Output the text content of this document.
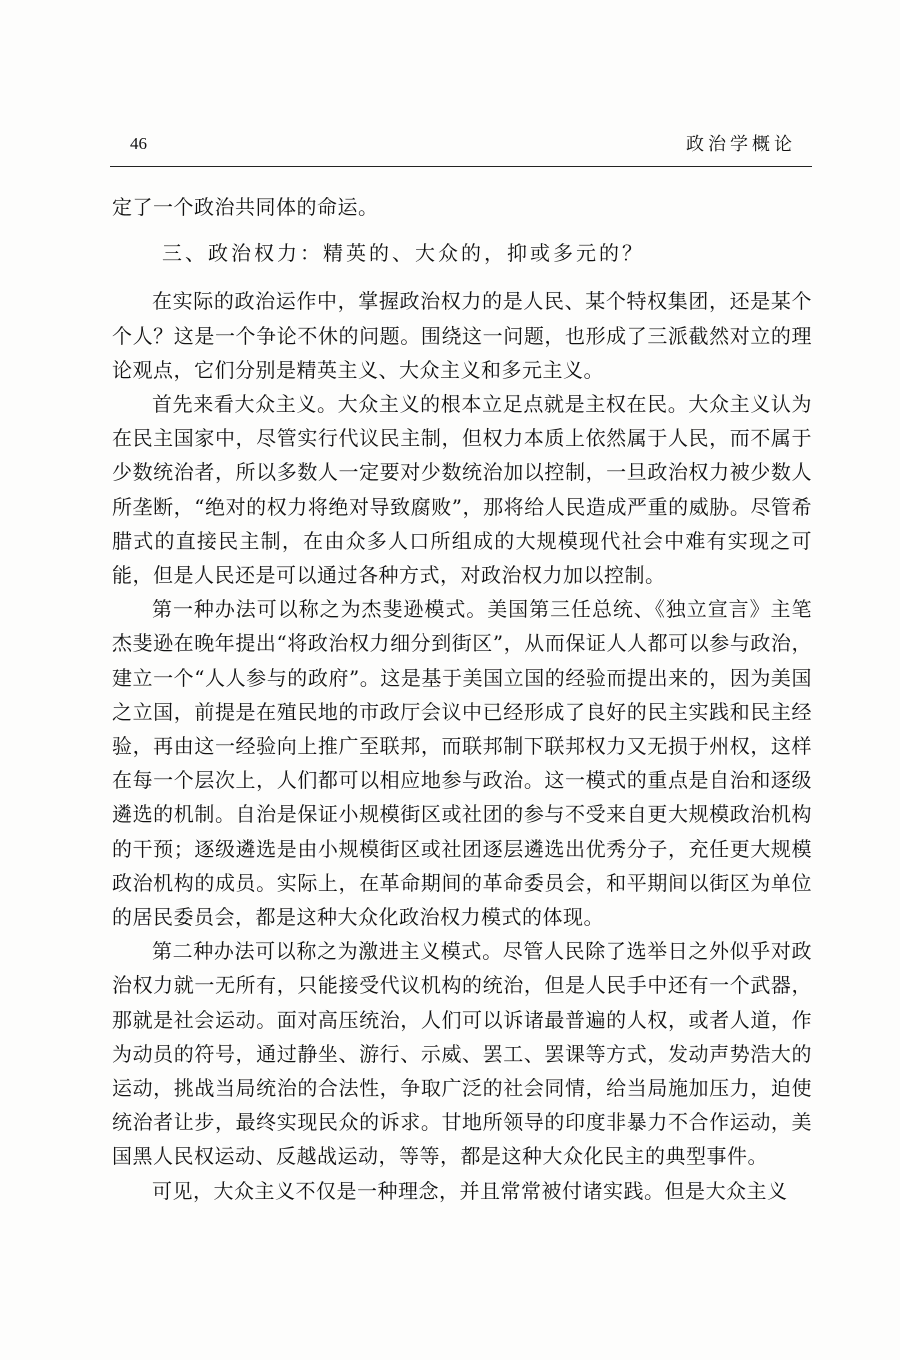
46	政治学概论

定了一个政治共同体的命运。

三、政治权力：精英的、大众的，抑或多元的？

在实际的政治运作中，掌握政治权力的是人民、某个特权集团，还是某个个人？这是一个争论不休的问题。围绕这一问题，也形成了三派截然对立的理论观点，它们分别是精英主义、大众主义和多元主义。

首先来看大众主义。大众主义的根本立足点就是主权在民。大众主义认为在民主国家中，尽管实行代议民主制，但权力本质上依然属于人民，而不属于少数统治者，所以多数人一定要对少数统治加以控制，一旦政治权力被少数人所垄断，“绝对的权力将绝对导致腐败”，那将给人民造成严重的威胁。尽管希腊式的直接民主制，在由众多人口所组成的大规模现代社会中难有实现之可能，但是人民还是可以通过各种方式，对政治权力加以控制。

第一种办法可以称之为杰斐逊模式。美国第三任总统、《独立宣言》主笔杰斐逊在晚年提出“将政治权力细分到街区”，从而保证人人都可以参与政治，建立一个“人人参与的政府”。这是基于美国立国的经验而提出来的，因为美国之立国，前提是在殖民地的市政厅会议中已经形成了良好的民主实践和民主经验，再由这一经验向上推广至联邦，而联邦制下联邦权力又无损于州权，这样在每一个层次上，人们都可以相应地参与政治。这一模式的重点是自治和逐级遴选的机制。自治是保证小规模街区或社团的参与不受来自更大规模政治机构的干预；逐级遴选是由小规模街区或社团逐层遴选出优秀分子，充任更大规模政治机构的成员。实际上，在革命期间的革命委员会，和平期间以街区为单位的居民委员会，都是这种大众化政治权力模式的体现。

第二种办法可以称之为激进主义模式。尽管人民除了选举日之外似乎对政治权力就一无所有，只能接受代议机构的统治，但是人民手中还有一个武器，那就是社会运动。面对高压统治，人们可以诉诸最普遍的人权，或者人道，作为动员的符号，通过静坐、游行、示威、罢工、罢课等方式，发动声势浩大的运动，挑战当局统治的合法性，争取广泛的社会同情，给当局施加压力，迫使统治者让步，最终实现民众的诉求。甘地所领导的印度非暴力不合作运动，美国黑人民权运动、反越战运动，等等，都是这种大众化民主的典型事件。

可见，大众主义不仅是一种理念，并且常常被付诸实践。但是大众主义
